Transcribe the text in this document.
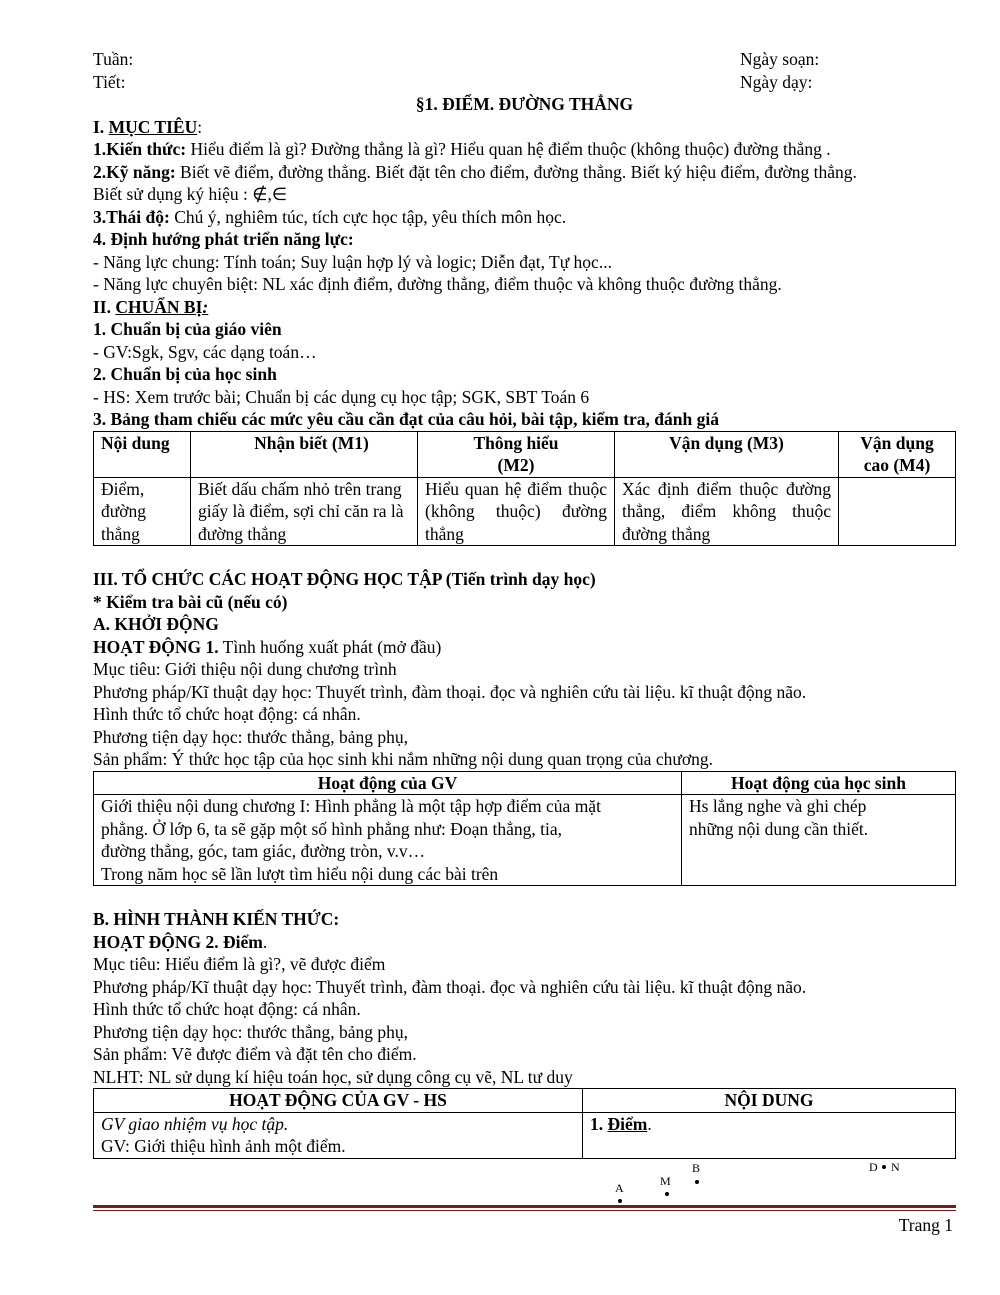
Tuần:	Ngày soạn:
Tiết:	Ngày dạy:
§1. ĐIỂM. ĐƯỜNG THẲNG
I. MỤC TIÊU:
1.Kiến thức: Hiểu điểm là gì? Đường thẳng là gì? Hiểu quan hệ điểm thuộc (không thuộc) đường thẳng .
2.Kỹ năng: Biết vẽ điểm, đường thẳng. Biết đặt tên cho điểm, đường thẳng. Biết ký hiệu điểm, đường thẳng.
Biết sử dụng ký hiệu : ∉,∈
3.Thái độ: Chú ý, nghiêm túc, tích cực học tập, yêu thích môn học.
4. Định hướng phát triển năng lực:
- Năng lực chung: Tính toán; Suy luận hợp lý và logic; Diễn đạt, Tự học...
- Năng lực chuyên biệt: NL xác định điểm, đường thẳng, điểm thuộc và không thuộc đường thẳng.
II. CHUẨN BỊ:
1. Chuẩn bị của giáo viên
- GV:Sgk, Sgv, các dạng toán…
2. Chuẩn bị của học sinh
- HS: Xem trước bài; Chuẩn bị các dụng cụ học tập; SGK, SBT Toán 6
3. Bảng tham chiếu các mức yêu cầu cần đạt của câu hỏi, bài tập, kiểm tra, đánh giá
Nội dung	Nhận biết (M1)	Thông hiểu (M2)	Vận dụng (M3)	Vận dụng cao (M4)
Điểm, đường thẳng	Biết dấu chấm nhỏ trên trang giấy là điểm, sợi chỉ căn ra là đường thẳng	Hiểu quan hệ điểm thuộc (không thuộc) đường thẳng	Xác định điểm thuộc đường thẳng, điểm không thuộc đường thẳng	
III. TỔ CHỨC CÁC HOẠT ĐỘNG HỌC TẬP (Tiến trình dạy học)
* Kiểm tra bài cũ (nếu có)
A. KHỞI ĐỘNG
HOẠT ĐỘNG 1. Tình huống xuất phát (mở đầu)
Mục tiêu: Giới thiệu nội dung chương trình
Phương pháp/Kĩ thuật dạy học: Thuyết trình, đàm thoại. đọc và nghiên cứu tài liệu. kĩ thuật động não.
Hình thức tổ chức hoạt động: cá nhân.
Phương tiện dạy học: thước thẳng, bảng phụ,
Sản phẩm: Ý thức học tập của học sinh khi nắm những nội dung quan trọng của chương.
Hoạt động của GV	Hoạt động của học sinh

Giới thiệu nội dung chương I: Hình phẳng là một tập hợp điểm của mặt
phẳng. Ở lớp 6, ta sẽ gặp một số hình phẳng như: Đoạn thẳng, tia,
đường thẳng, góc, tam giác, đường tròn, v.v…
Trong năm học sẽ lần lượt tìm hiểu nội dung các bài trên	Hs lắng nghe và ghi chép
những nội dung cần thiết.
B. HÌNH THÀNH KIẾN THỨC:
HOẠT ĐỘNG 2. Điểm.
Mục tiêu: Hiểu điểm là gì?, vẽ được điểm
Phương pháp/Kĩ thuật dạy học: Thuyết trình, đàm thoại. đọc và nghiên cứu tài liệu. kĩ thuật động não.
Hình thức tổ chức hoạt động: cá nhân.
Phương tiện dạy học: thước thẳng, bảng phụ,
Sản phẩm: Vẽ được điểm và đặt tên cho điểm.
NLHT: NL sử dụng kí hiệu toán học, sử dụng công cụ vẽ, NL tư duy
HOẠT ĐỘNG CỦA GV - HS	NỘI DUNG

GV giao nhiệm vụ học tập.
GV: Giới thiệu hình ảnh một điểm.	1. Điểm.
B	D N
A	M
Trang 1
